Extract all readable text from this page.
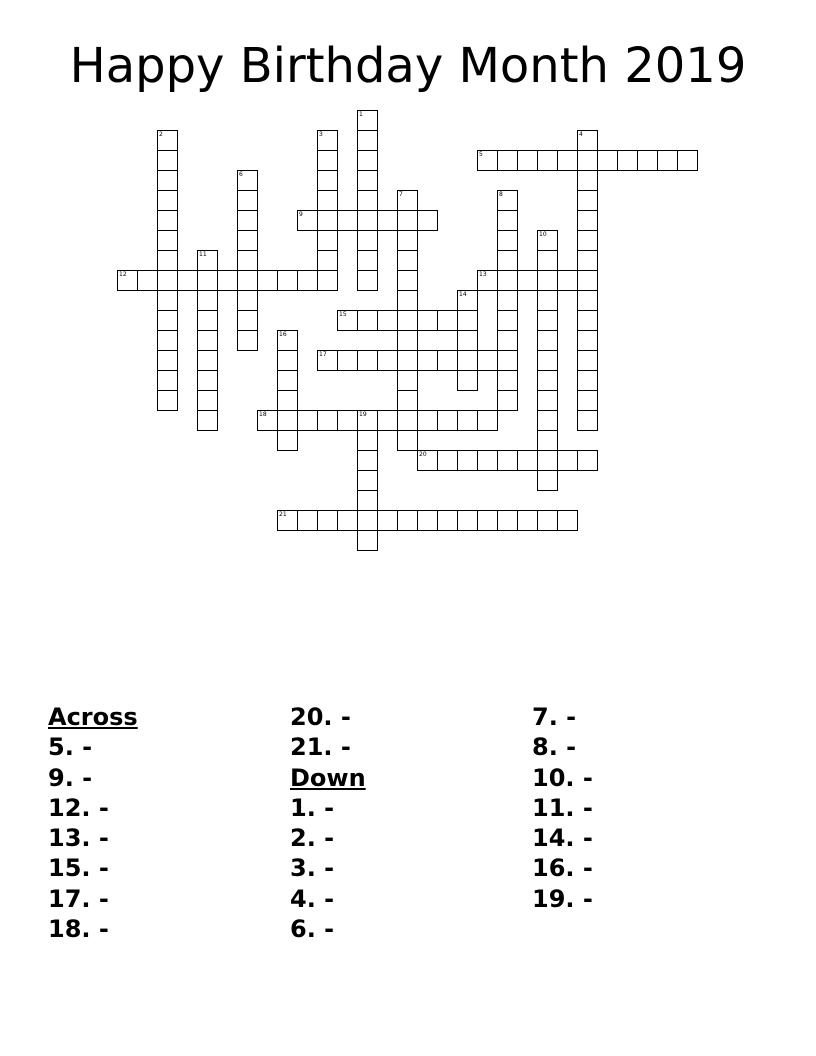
Happy Birthday Month 2019
1
2	3	4
5
6
7	8
9
10
11
12	13
14
15
16
17
18	19
20
21
Across
5. -
9. -
12. -
13. -
15. -
17. -
18. -
20. -
21. -
Down
1. -
2. -
3. -
4. -
6. -
7. -
8. -
10. -
11. -
14. -
16. -
19. -
